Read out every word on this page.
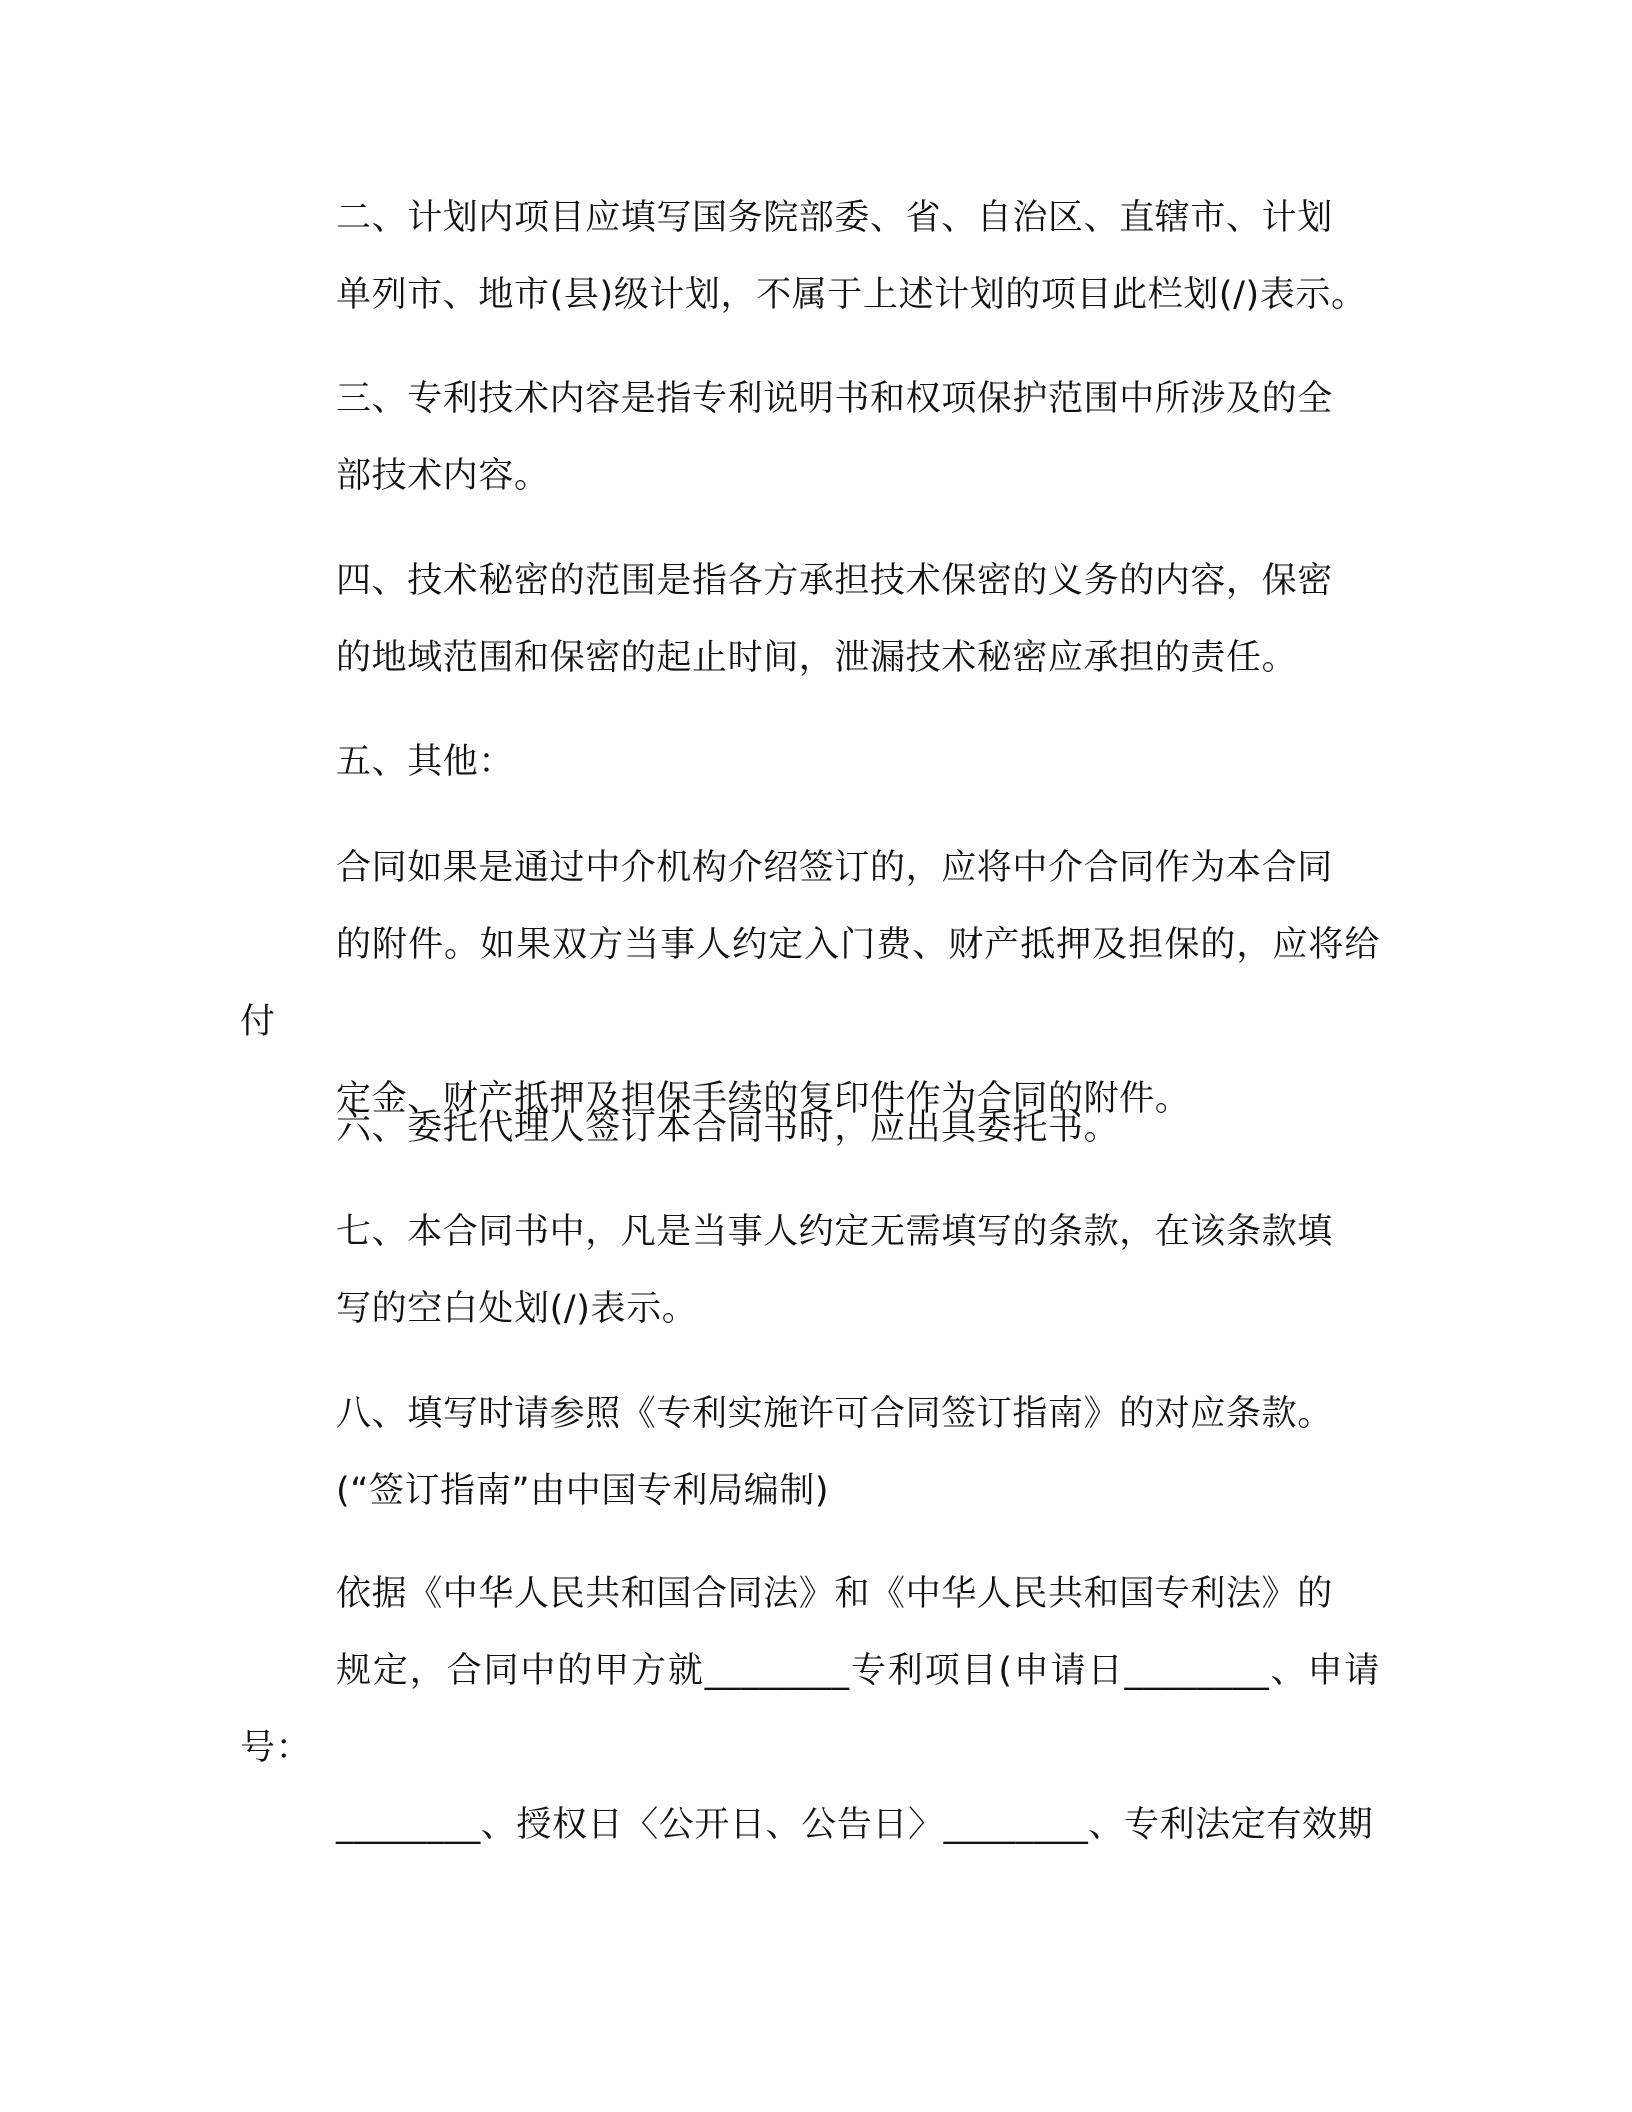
二、计划内项目应填写国务院部委、省、自治区、直辖市、计划
单列市、地市(县)级计划，不属于上述计划的项目此栏划(/)表示。

三、专利技术内容是指专利说明书和权项保护范围中所涉及的全
部技术内容。

四、技术秘密的范围是指各方承担技术保密的义务的内容，保密
的地域范围和保密的起止时间，泄漏技术秘密应承担的责任。

五、其他：

合同如果是通过中介机构介绍签订的，应将中介合同作为本合同
的附件。如果双方当事人约定入门费、财产抵押及担保的，应将给付
定金、财产抵押及担保手续的复印件作为合同的附件。

六、委托代理人签订本合同书时，应出具委托书。

七、本合同书中，凡是当事人约定无需填写的条款，在该条款填
写的空白处划(/)表示。

八、填写时请参照《专利实施许可合同签订指南》的对应条款。
(“签订指南”由中国专利局编制)

依据《中华人民共和国合同法》和《中华人民共和国专利法》的
规定，合同中的甲方就________专利项目(申请日________、申请号：
________、授权日〈公开日、公告日〉________、专利法定有效期
